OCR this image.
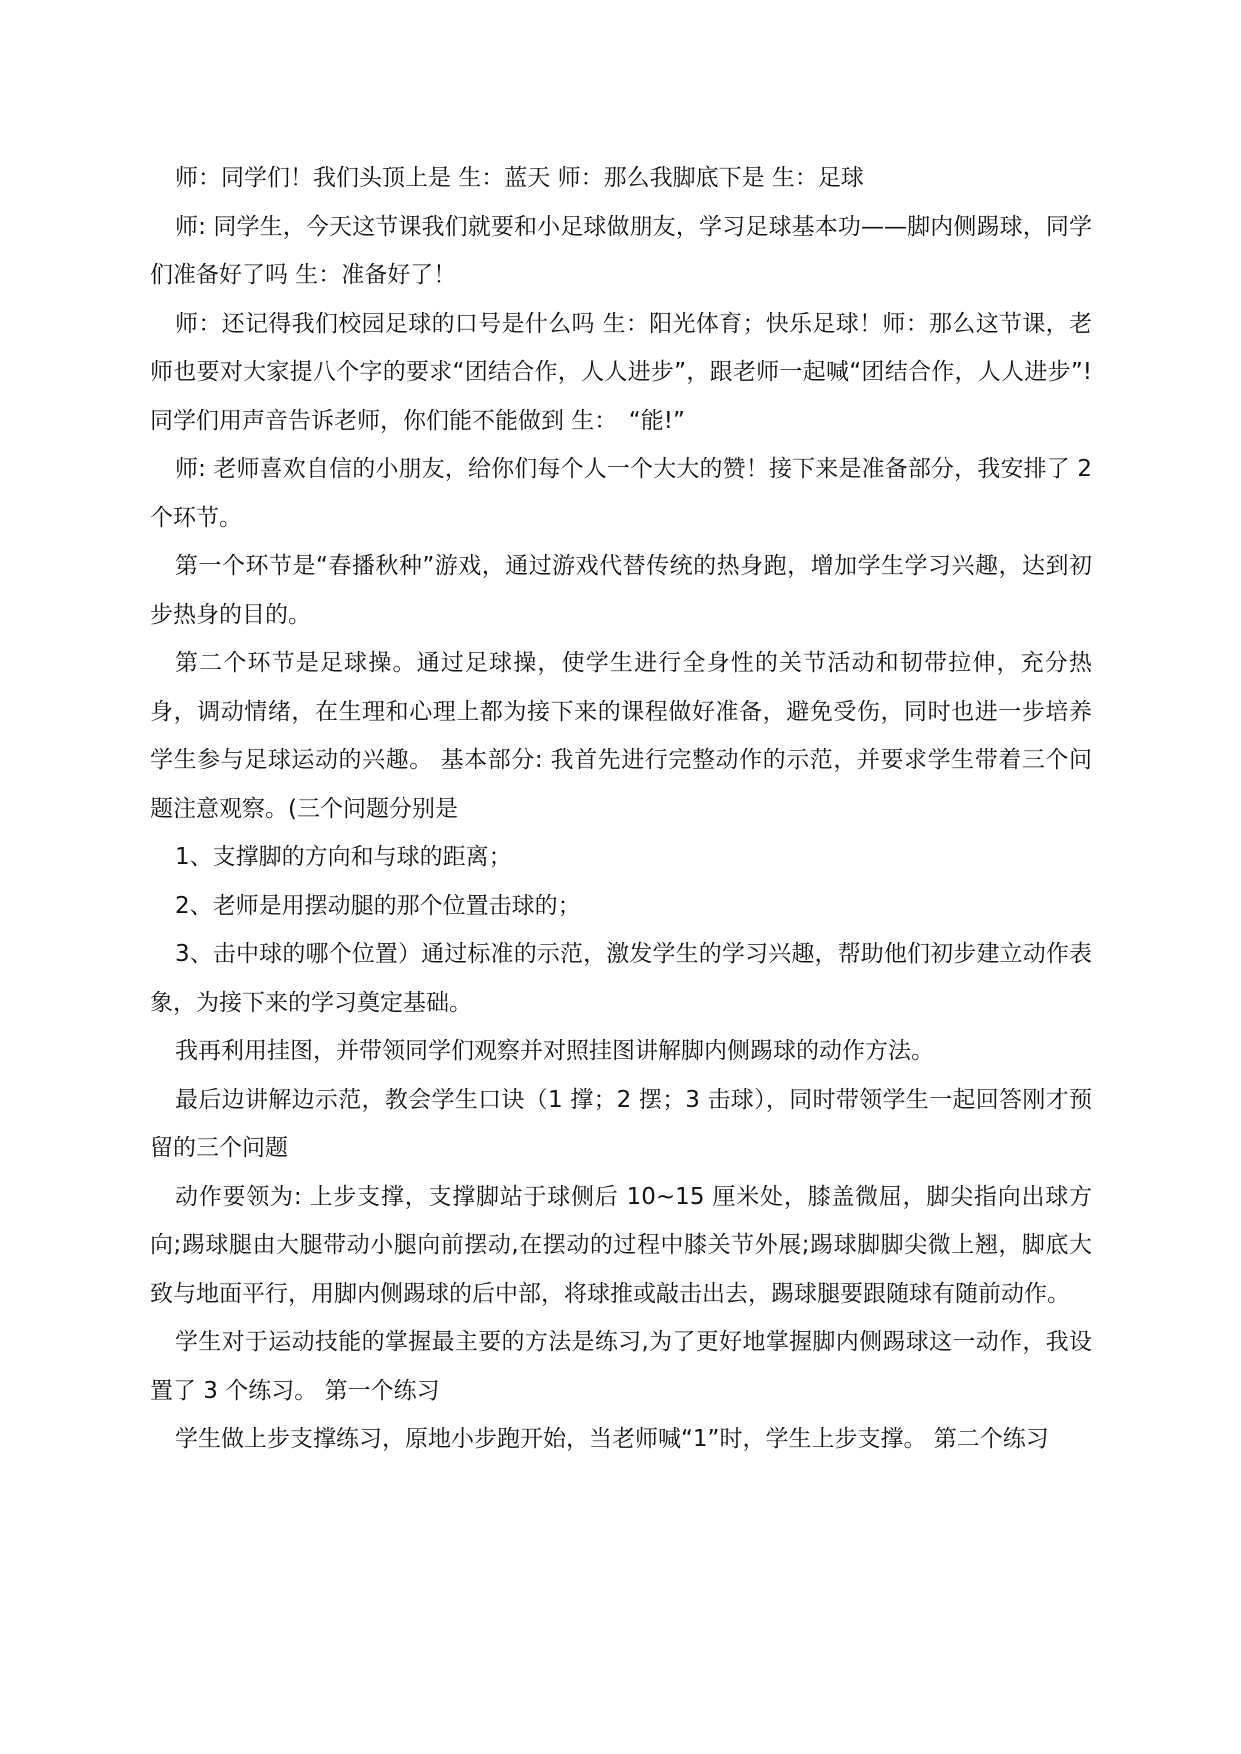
师：同学们！我们头顶上是 生：蓝天 师：那么我脚底下是 生：足球

师: 同学生，今天这节课我们就要和小足球做朋友，学习足球基本功——脚内侧踢球，同学们准备好了吗 生：准备好了！

师：还记得我们校园足球的口号是什么吗 生：阳光体育；快乐足球！师：那么这节课，老师也要对大家提八个字的要求“团结合作，人人进步”，跟老师一起喊“团结合作，人人进步”!同学们用声音告诉老师，你们能不能做到 生：　“能!”

师: 老师喜欢自信的小朋友，给你们每个人一个大大的赞！接下来是准备部分，我安排了 2 个环节。

第一个环节是“春播秋种”游戏，通过游戏代替传统的热身跑，增加学生学习兴趣，达到初步热身的目的。

第二个环节是足球操。通过足球操，使学生进行全身性的关节活动和韧带拉伸，充分热身，调动情绪，在生理和心理上都为接下来的课程做好准备，避免受伤，同时也进一步培养学生参与足球运动的兴趣。 基本部分: 我首先进行完整动作的示范，并要求学生带着三个问题注意观察。(三个问题分别是

1、支撑脚的方向和与球的距离；

2、老师是用摆动腿的那个位置击球的；

3、击中球的哪个位置）通过标准的示范，激发学生的学习兴趣，帮助他们初步建立动作表象，为接下来的学习奠定基础。

我再利用挂图，并带领同学们观察并对照挂图讲解脚内侧踢球的动作方法。

最后边讲解边示范，教会学生口诀（1 撑；2 摆；3 击球），同时带领学生一起回答刚才预留的三个问题

动作要领为: 上步支撑，支撑脚站于球侧后 10~15 厘米处，膝盖微屈，脚尖指向出球方向;踢球腿由大腿带动小腿向前摆动,在摆动的过程中膝关节外展;踢球脚脚尖微上翘，脚底大致与地面平行，用脚内侧踢球的后中部，将球推或敲击出去，踢球腿要跟随球有随前动作。

学生对于运动技能的掌握最主要的方法是练习,为了更好地掌握脚内侧踢球这一动作，我设置了 3 个练习。 第一个练习

学生做上步支撑练习，原地小步跑开始，当老师喊“1”时，学生上步支撑。 第二个练习
